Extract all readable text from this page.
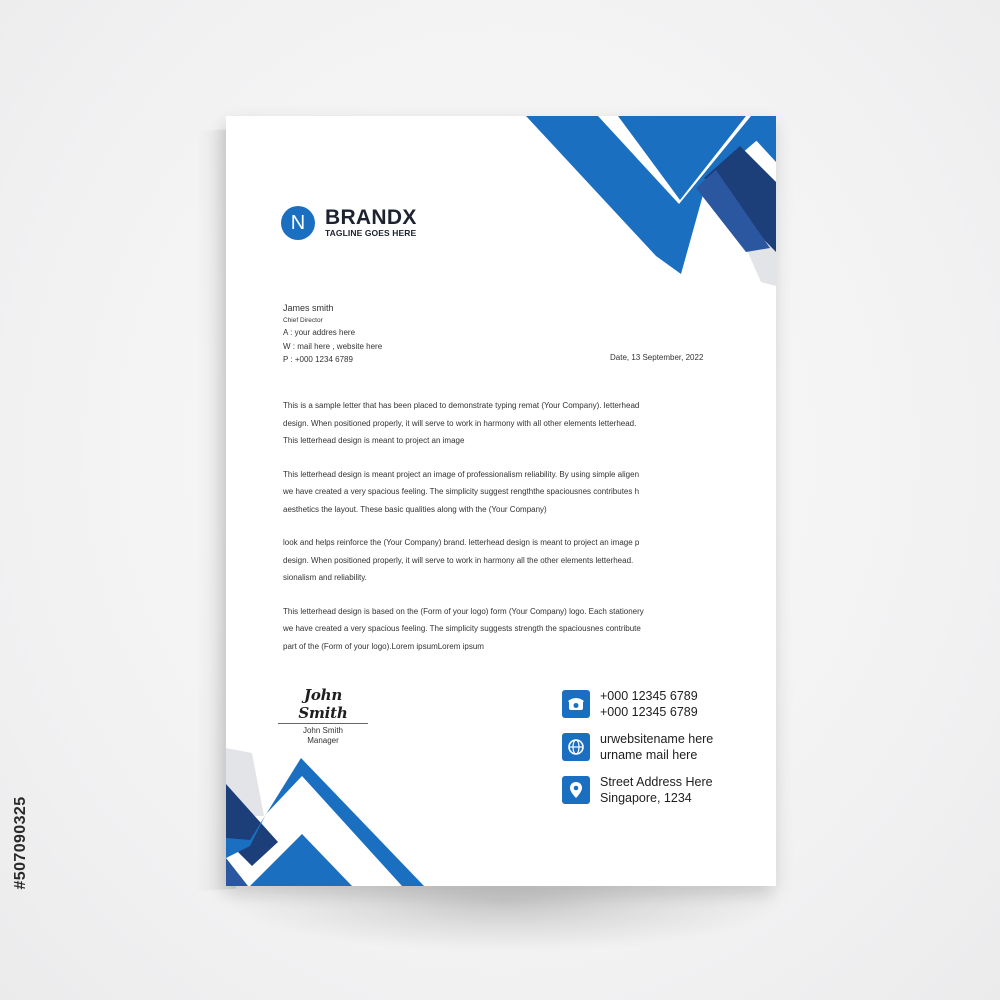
N BRANDX
TAGLINE GOES HERE
James smith
Chief Director
A : your addres here
W : mail here , website here
P : +000 1234 6789	Date, 13 September, 2022
This is a sample letter that has been placed to demonstrate typing remat (Your Company). letterhead
design. When positioned properly, it will serve to work in harmony with all other elements letterhead.
This letterhead design is meant to project an image
This letterhead design is meant project an image of professionalism reliability. By using simple aligen
we have created a very spacious feeling. The simplicity suggest rengththe spaciousnes contributes h
aesthetics the layout. These basic qualities along with the (Your Company)
look and helps reinforce the (Your Company) brand. letterhead design is meant to project an image p
design. When positioned properly, it will serve to work in harmony all the other elements letterhead.
sionalism and reliability.
This letterhead design is based on the (Form of your logo) form (Your Company) logo. Each stationery
we have created a very spacious feeling. The simplicity suggests strength the spaciousnes contribute
part of the (Form of your logo).Lorem ipsumLorem ipsum
John Smith
John Smith
Manager
+000 12345 6789
+000 12345 6789
urwebsitename here
urname mail here
Street Address Here
Singapore, 1234
#507090325
